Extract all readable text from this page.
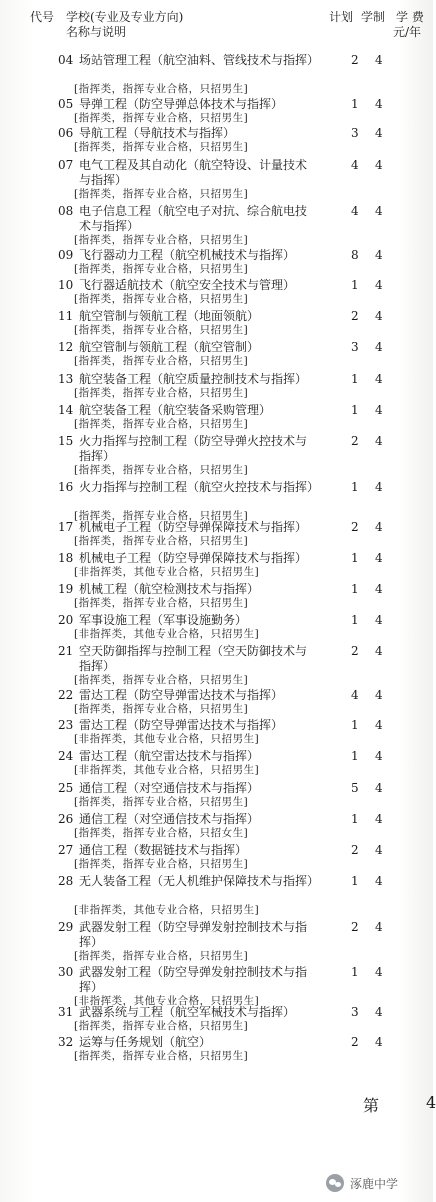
代号 学校(专业及专业方向)
名称与说明
计划 学制 学 费
元/年
04 场站管理工程（航空油料、管线技术与指挥）
[指挥类，指挥专业合格，只招男生]
2 4
05 导弹工程（防空导弹总体技术与指挥）
[指挥类，指挥专业合格，只招男生]
1 4
06 导航工程（导航技术与指挥）
[指挥类，指挥专业合格，只招男生]
3 4
07 电气工程及其自动化（航空特设、计量技术与指挥）
[指挥类，指挥专业合格，只招男生]
4 4
08 电子信息工程（航空电子对抗、综合航电技术与指挥）
[指挥类，指挥专业合格，只招男生]
4 4
09 飞行器动力工程（航空机械技术与指挥）
[指挥类，指挥专业合格，只招男生]
8 4
10 飞行器适航技术（航空安全技术与管理）
[指挥类，指挥专业合格，只招男生]
1 4
11 航空管制与领航工程（地面领航）
[指挥类，指挥专业合格，只招男生]
2 4
12 航空管制与领航工程（航空管制）
[指挥类，指挥专业合格，只招男生]
3 4
13 航空装备工程（航空质量控制技术与指挥）
[指挥类，指挥专业合格，只招男生]
1 4
14 航空装备工程（航空装备采购管理）
[指挥类，指挥专业合格，只招男生]
1 4
15 火力指挥与控制工程（防空导弹火控技术与指挥）
[指挥类，指挥专业合格，只招男生]
2 4
16 火力指挥与控制工程（航空火控技术与指挥）
[指挥类，指挥专业合格，只招男生]
1 4
17 机械电子工程（防空导弹保障技术与指挥）
[指挥类，指挥专业合格，只招男生]
2 4
18 机械电子工程（防空导弹保障技术与指挥）
[非指挥类，其他专业合格，只招男生]
1 4
19 机械工程（航空检测技术与指挥）
[指挥类，指挥专业合格，只招男生]
1 4
20 军事设施工程（军事设施勤务）
[非指挥类，其他专业合格，只招男生]
1 4
21 空天防御指挥与控制工程（空天防御技术与指挥）
[指挥类，指挥专业合格，只招男生]
2 4
22 雷达工程（防空导弹雷达技术与指挥）
[指挥类，指挥专业合格，只招男生]
4 4
23 雷达工程（防空导弹雷达技术与指挥）
[非指挥类，其他专业合格，只招男生]
1 4
24 雷达工程（航空雷达技术与指挥）
[非指挥类，其他专业合格，只招男生]
1 4
25 通信工程（对空通信技术与指挥）
[指挥类，指挥专业合格，只招男生]
5 4
26 通信工程（对空通信技术与指挥）
[指挥类，指挥专业合格，只招女生]
1 4
27 通信工程（数据链技术与指挥）
[指挥类，指挥专业合格，只招男生]
2 4
28 无人装备工程（无人机维护保障技术与指挥）
[非指挥类，其他专业合格，只招男生]
1 4
29 武器发射工程（防空导弹发射控制技术与指挥）
[指挥类，指挥专业合格，只招男生]
2 4
30 武器发射工程（防空导弹发射控制技术与指挥）
[非指挥类，其他专业合格，只招男生]
1 4
31 武器系统与工程（航空军械技术与指挥）
[指挥类，指挥专业合格，只招男生]
3 4
32 运筹与任务规划（航空）
[指挥类，指挥专业合格，只招男生]
2 4
第	4
涿鹿中学
